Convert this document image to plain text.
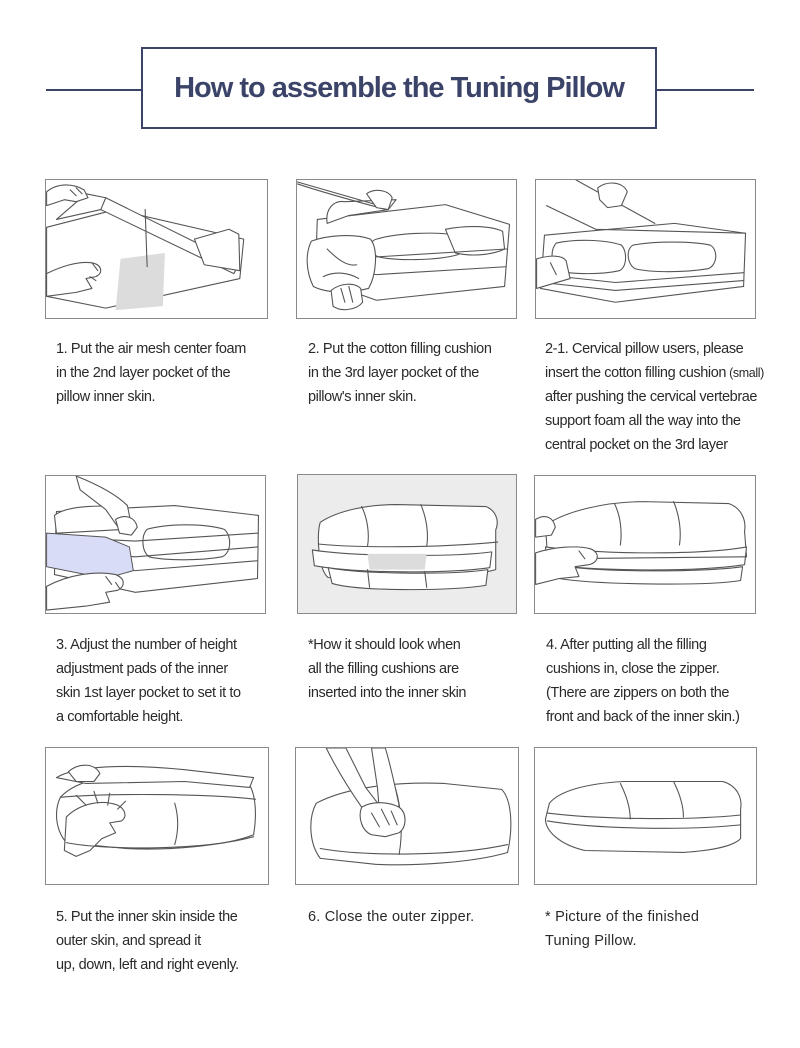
How to assemble the Tuning Pillow
1. Put the air mesh center foam
in the 2nd layer pocket of the
pillow inner skin.
2. Put the cotton filling cushion
in the 3rd layer pocket of the
pillow's inner skin.
2-1. Cervical pillow users, please
insert the cotton filling cushion (small)
after pushing the cervical vertebrae
support foam all the way into the
central pocket on the 3rd layer
3. Adjust the number of height
adjustment pads of the inner
skin 1st layer pocket to set it to
a comfortable height.
*How it should look when
all the filling cushions are
inserted into the inner skin
4. After putting all the filling
cushions in, close the zipper.
(There are zippers on both the
front and back of the inner skin.)
5. Put the inner skin inside the
outer skin, and spread it
up, down, left and right evenly.
6. Close the outer zipper.	* Picture of the finished
Tuning Pillow.
